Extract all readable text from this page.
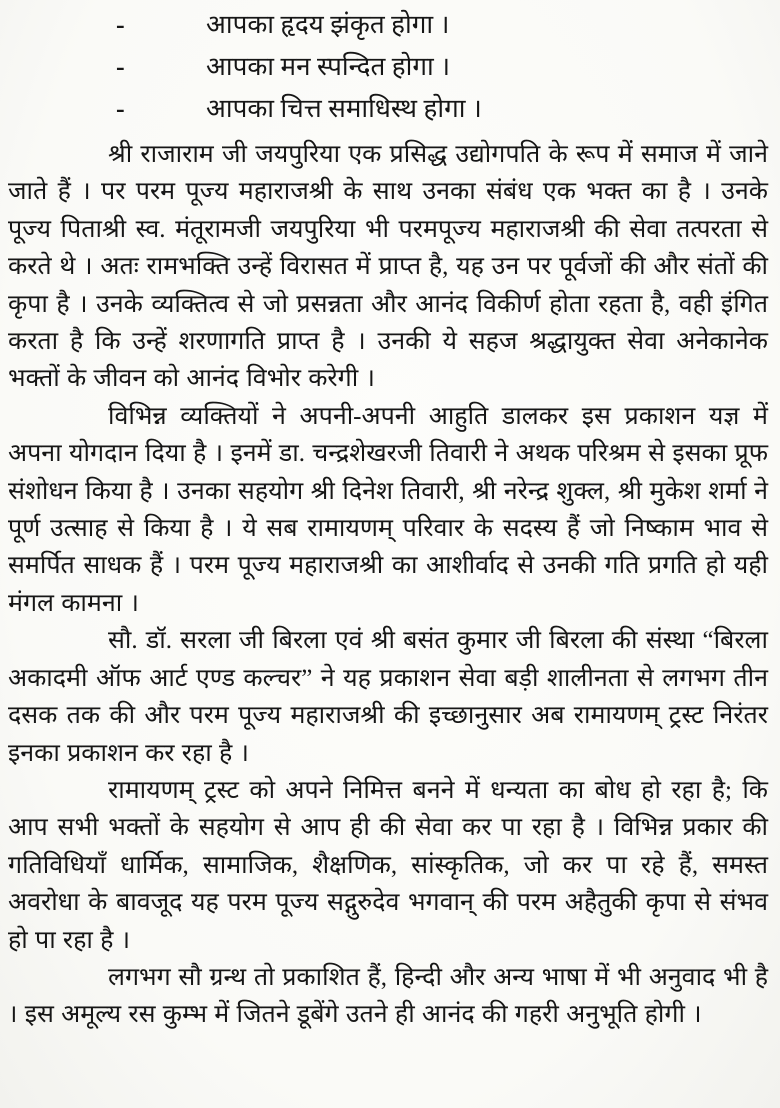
-	आपका हृदय झंकृत होगा ।
-	आपका मन स्पन्दित होगा ।
-	आपका चित्त समाधिस्थ होगा ।

श्री राजाराम जी जयपुरिया एक प्रसिद्ध उद्योगपति के रूप में समाज में जाने जाते हैं । पर परम पूज्य महाराजश्री के साथ उनका संबंध एक भक्त का है । उनके पूज्य पिताश्री स्व. मंतूरामजी जयपुरिया भी परमपूज्य महाराजश्री की सेवा तत्परता से करते थे । अतः रामभक्ति उन्हें विरासत में प्राप्त है, यह उन पर पूर्वजों की और संतों की कृपा है । उनके व्यक्तित्व से जो प्रसन्नता और आनंद विकीर्ण होता रहता है, वही इंगित करता है कि उन्हें शरणागति प्राप्त है । उनकी ये सहज श्रद्धायुक्त सेवा अनेकानेक भक्तों के जीवन को आनंद विभोर करेगी ।

विभिन्न व्यक्तियों ने अपनी-अपनी आहुति डालकर इस प्रकाशन यज्ञ में अपना योगदान दिया है । इनमें डा. चन्द्रशेखरजी तिवारी ने अथक परिश्रम से इसका प्रूफ संशोधन किया है । उनका सहयोग श्री दिनेश तिवारी, श्री नरेन्द्र शुक्ल, श्री मुकेश शर्मा ने पूर्ण उत्साह से किया है । ये सब रामायणम् परिवार के सदस्य हैं जो निष्काम भाव से समर्पित साधक हैं । परम पूज्य महाराजश्री का आशीर्वाद से उनकी गति प्रगति हो यही मंगल कामना ।

सौ. डॉ. सरला जी बिरला एवं श्री बसंत कुमार जी बिरला की संस्था “बिरला अकादमी ऑफ आर्ट एण्ड कल्चर” ने यह प्रकाशन सेवा बड़ी शालीनता से लगभग तीन दसक तक की और परम पूज्य महाराजश्री की इच्छानुसार अब रामायणम् ट्रस्ट निरंतर इनका प्रकाशन कर रहा है ।

रामायणम् ट्रस्ट को अपने निमित्त बनने में धन्यता का बोध हो रहा है; कि आप सभी भक्तों के सहयोग से आप ही की सेवा कर पा रहा है । विभिन्न प्रकार की गतिविधियाँ धार्मिक, सामाजिक, शैक्षणिक, सांस्कृतिक, जो कर पा रहे हैं, समस्त अवरोधा के बावजूद यह परम पूज्य सद्गुरुदेव भगवान् की परम अहैतुकी कृपा से संभव हो पा रहा है ।

लगभग सौ ग्रन्थ तो प्रकाशित हैं, हिन्दी और अन्य भाषा में भी अनुवाद भी है । इस अमूल्य रस कुम्भ में जितने डूबेंगे उतने ही आनंद की गहरी अनुभूति होगी ।
